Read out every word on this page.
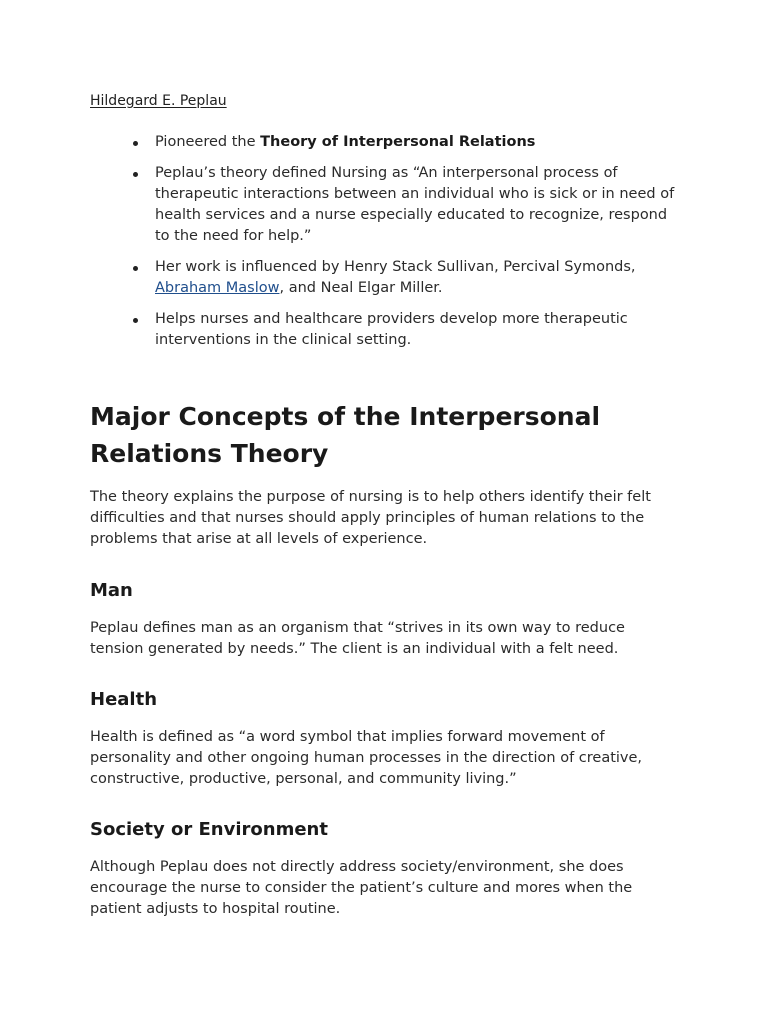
Hildegard E. Peplau

Pioneered the Theory of Interpersonal Relations
Peplau’s theory defined Nursing as “An interpersonal process of therapeutic interactions between an individual who is sick or in need of health services and a nurse especially educated to recognize, respond to the need for help.”
Her work is influenced by Henry Stack Sullivan, Percival Symonds, Abraham Maslow, and Neal Elgar Miller.
Helps nurses and healthcare providers develop more therapeutic interventions in the clinical setting.
Major Concepts of the Interpersonal Relations Theory

The theory explains the purpose of nursing is to help others identify their felt difficulties and that nurses should apply principles of human relations to the problems that arise at all levels of experience.

Man

Peplau defines man as an organism that “strives in its own way to reduce tension generated by needs.” The client is an individual with a felt need.

Health

Health is defined as “a word symbol that implies forward movement of personality and other ongoing human processes in the direction of creative, constructive, productive, personal, and community living.”

Society or Environment

Although Peplau does not directly address society/environment, she does encourage the nurse to consider the patient’s culture and mores when the patient adjusts to hospital routine.
